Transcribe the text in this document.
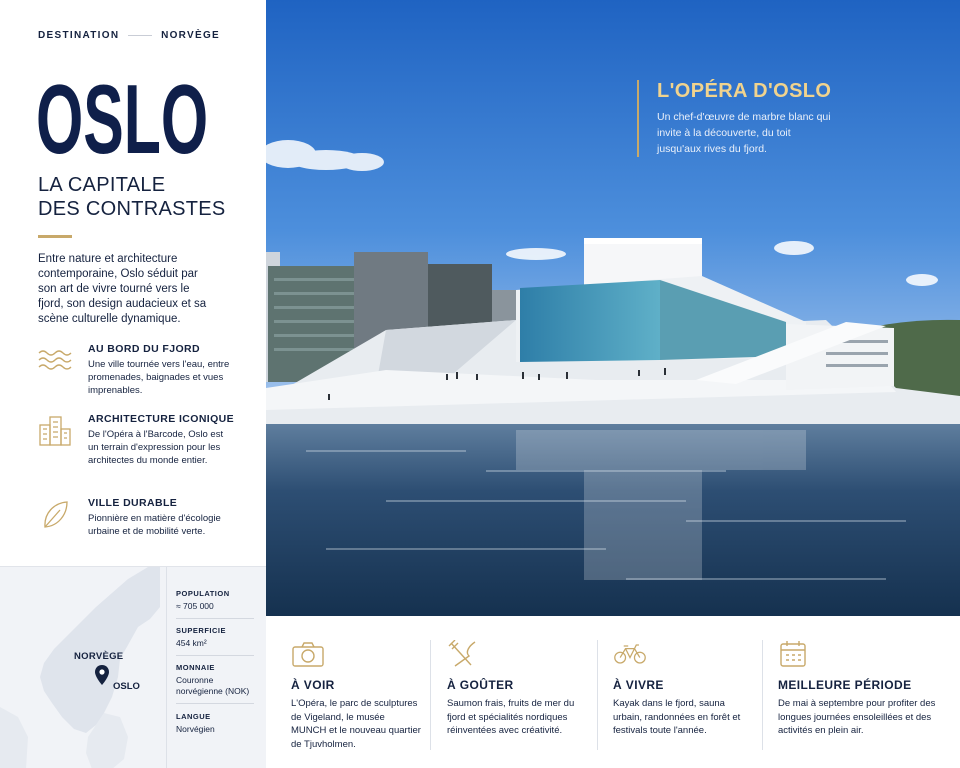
DESTINATION	NORVÈGE
OSLO
LA CAPITALE
DES CONTRASTES
Entre nature et architecture contemporaine, Oslo séduit par son art de vivre tourné vers le fjord, son design audacieux et sa scène culturelle dynamique.
AU BORD DU FJORD
Une ville tournée vers l'eau, entre promenades, baignades et vues imprenables.
ARCHITECTURE ICONIQUE
De l'Opéra à l'Barcode, Oslo est un terrain d'expression pour les architectes du monde entier.
VILLE DURABLE
Pionnière en matière d'écologie urbaine et de mobilité verte.
NORVÈGE
OSLO
POPULATION
≈ 705 000
SUPERFICIE
454 km²
MONNAIE
Couronne norvégienne (NOK)
LANGUE
Norvégien
L'OPÉRA D'OSLO
Un chef-d'œuvre de marbre blanc qui invite à la découverte, du toit jusqu'aux rives du fjord.
À VOIR
L'Opéra, le parc de sculptures de Vigeland, le musée MUNCH et le nouveau quartier de Tjuvholmen.
À GOÛTER
Saumon frais, fruits de mer du fjord et spécialités nordiques réinventées avec créativité.
À VIVRE
Kayak dans le fjord, sauna urbain, randonnées en forêt et festivals toute l'année.
MEILLEURE PÉRIODE
De mai à septembre pour profiter des longues journées ensoleillées et des activités en plein air.
